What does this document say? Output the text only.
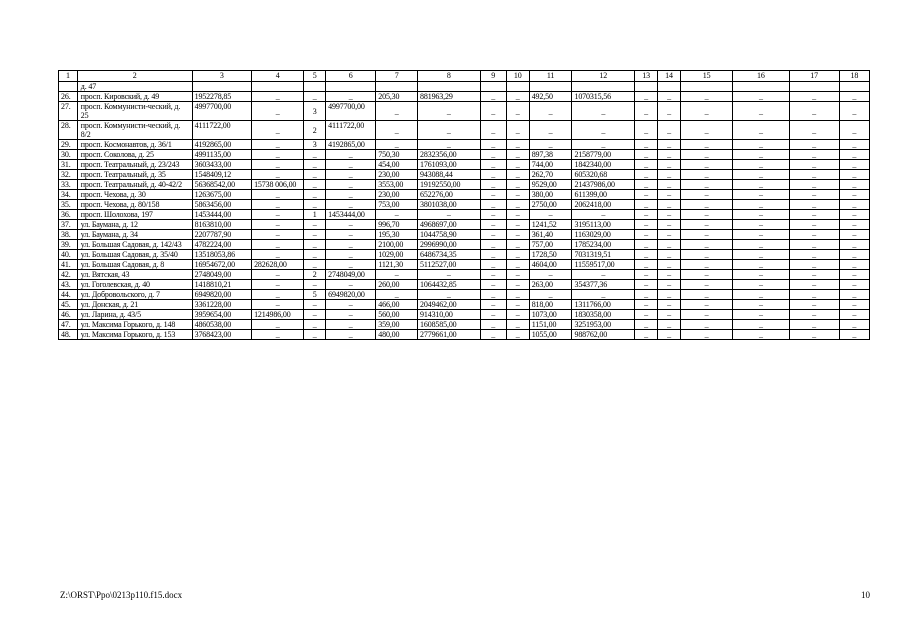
1	2	3	4	5	6	7	8	9	10	11	12	13	14	15	16	17	18
	д. 47																
26.	просп. Кировский, д. 49	1952278,85	_	_	_	205,30	881963,29	_	_	492,50	1070315,56	_	_	_	_	_	_
27.	просп. Коммунисти-ческий, д. 25	4997700,00	_	3	4997700,00	_	_	_	_	_	_	_	_	_	_	_	_
28.	просп. Коммунисти-ческий, д. 8/2	4111722,00	_	2	4111722,00	_	_	_	_	_	_	_	_	_	_	_	_
29.	просп. Космонавтов, д. 36/1	4192865,00	_	3	4192865,00	_	_	_	_	_	_	_	_	_	_	_	_
30.	просп. Соколова, д. 25	4991135,00	_	_	_	750,30	2832356,00	_	_	897,38	2158779,00	_	_	_	_	_	_
31.	просп. Театральный, д. 23/243	3603433,00	_	_	_	454,00	1761093,00	_	_	744,00	1842340,00	_	_	_	_	_	_
32.	просп. Театральный, д. 35	1548409,12	_	_	_	230,00	943088,44	_	_	262,70	605320,68	_	_	_	_	_	_
33.	просп. Театральный, д. 40-42/2	56368542,00	15738 006,00	_	_	3553,00	19192550,00	_	_	9529,00	21437986,00	_	_	_	_	_	_
34.	просп. Чехова, д. 30	1263675,00	_	_	_	230,00	652276,00	–	–	380,00	611399,00	–	–	–	–	–	–
35.	просп. Чехова, д. 80/158	5863456,00	_	_	_	753,00	3801038,00	_	_	2750,00	2062418,00	_	_	_	_	_	_
36.	просп. Шолохова, 197	1453444,00	–	1	1453444,00	–	–	–	–	–	–	–	–	–	–	–	–
37.	ул. Баумана, д. 12	8163810,00	–	–	–	996,70	4968697,00	–	–	1241,52	3195113,00	–	–	–	–	–	–
38.	ул. Баумана, д. 34	2207787,90	–	–	–	195,30	1044758,90	–	–	361,40	1163029,00	–	–	–	–	–	–
39.	ул. Большая Садовая, д. 142/43	4782224,00	_	_	_	2100,00	2996990,00	_	_	757,00	1785234,00	_	_	_	_	_	_
40.	ул. Большая Садовая, д. 35/40	13518053,86	_	_	_	1029,00	6486734,35	_	_	1728,50	7031319,51	_	_	_	_	_	_
41.	ул. Большая Садовая, д. 8	16954672,00	282628,00	_	_	1121,30	5112527,00	_	_	4604,00	11559517,00	_	_	_	_	_	_
42.	ул. Вятская, 43	2748049,00	–	2	2748049,00	–	–	–	–	–	–	–	–	–	–	–	–
43.	ул. Гоголевская, д. 40	1418810,21	–	–	–	260,00	1064432,85	–	–	263,00	354377,36	–	–	–	–	–	–
44.	ул. Добровольского, д. 7	6949820,00	_	5	6949820,00	_	_	_	_	_	_	_	_	_	_	_	_
45.	ул. Донская, д. 21	3361228,00	–	–	–	466,00	2049462,00	–	–	818,00	1311766,00	–	–	–	–	–	–
46.	ул. Ларина, д. 43/5	3959654,00	1214986,00	–	–	560,00	914310,00	–	–	1073,00	1830358,00	–	–	–	–	–	–
47.	ул. Максима Горького, д. 148	4860538,00	_	_	_	359,00	1608585,00	_	_	1151,00	3251953,00	_	_	_	_	_	_
48.	ул. Максима Горького, д. 153	3768423,00	_	_	_	480,00	2779661,00	_	_	1055,00	988762,00	_	_	_	_	_	_
Z:\ORST\Ppo\0213p110.f15.docx	10
